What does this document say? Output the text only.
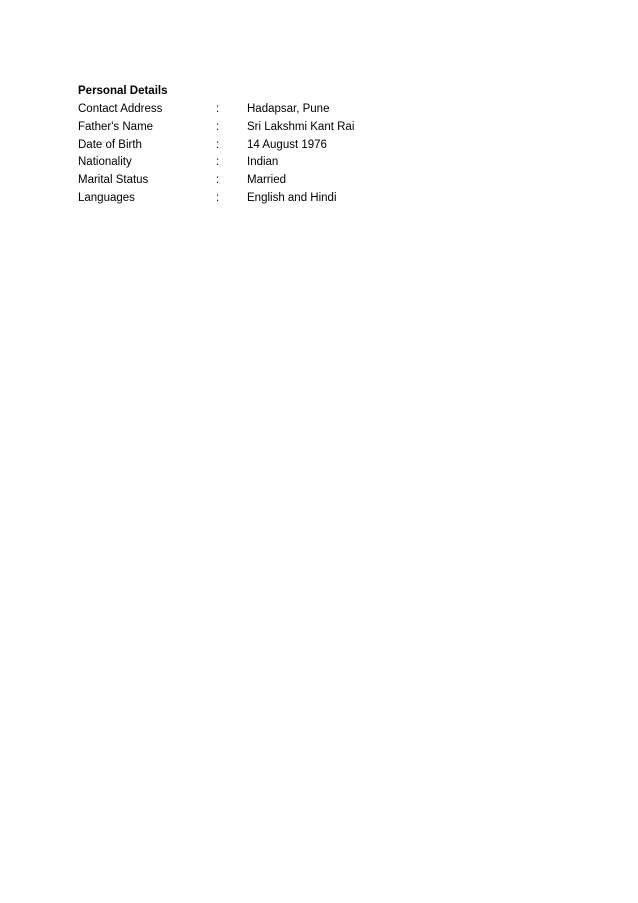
Personal Details
Contact Address	:	Hadapsar, Pune
Father's Name	:	Sri Lakshmi Kant Rai
Date of Birth	:	14 August 1976
Nationality	:	Indian
Marital Status	:	Married
Languages	:	English and Hindi
